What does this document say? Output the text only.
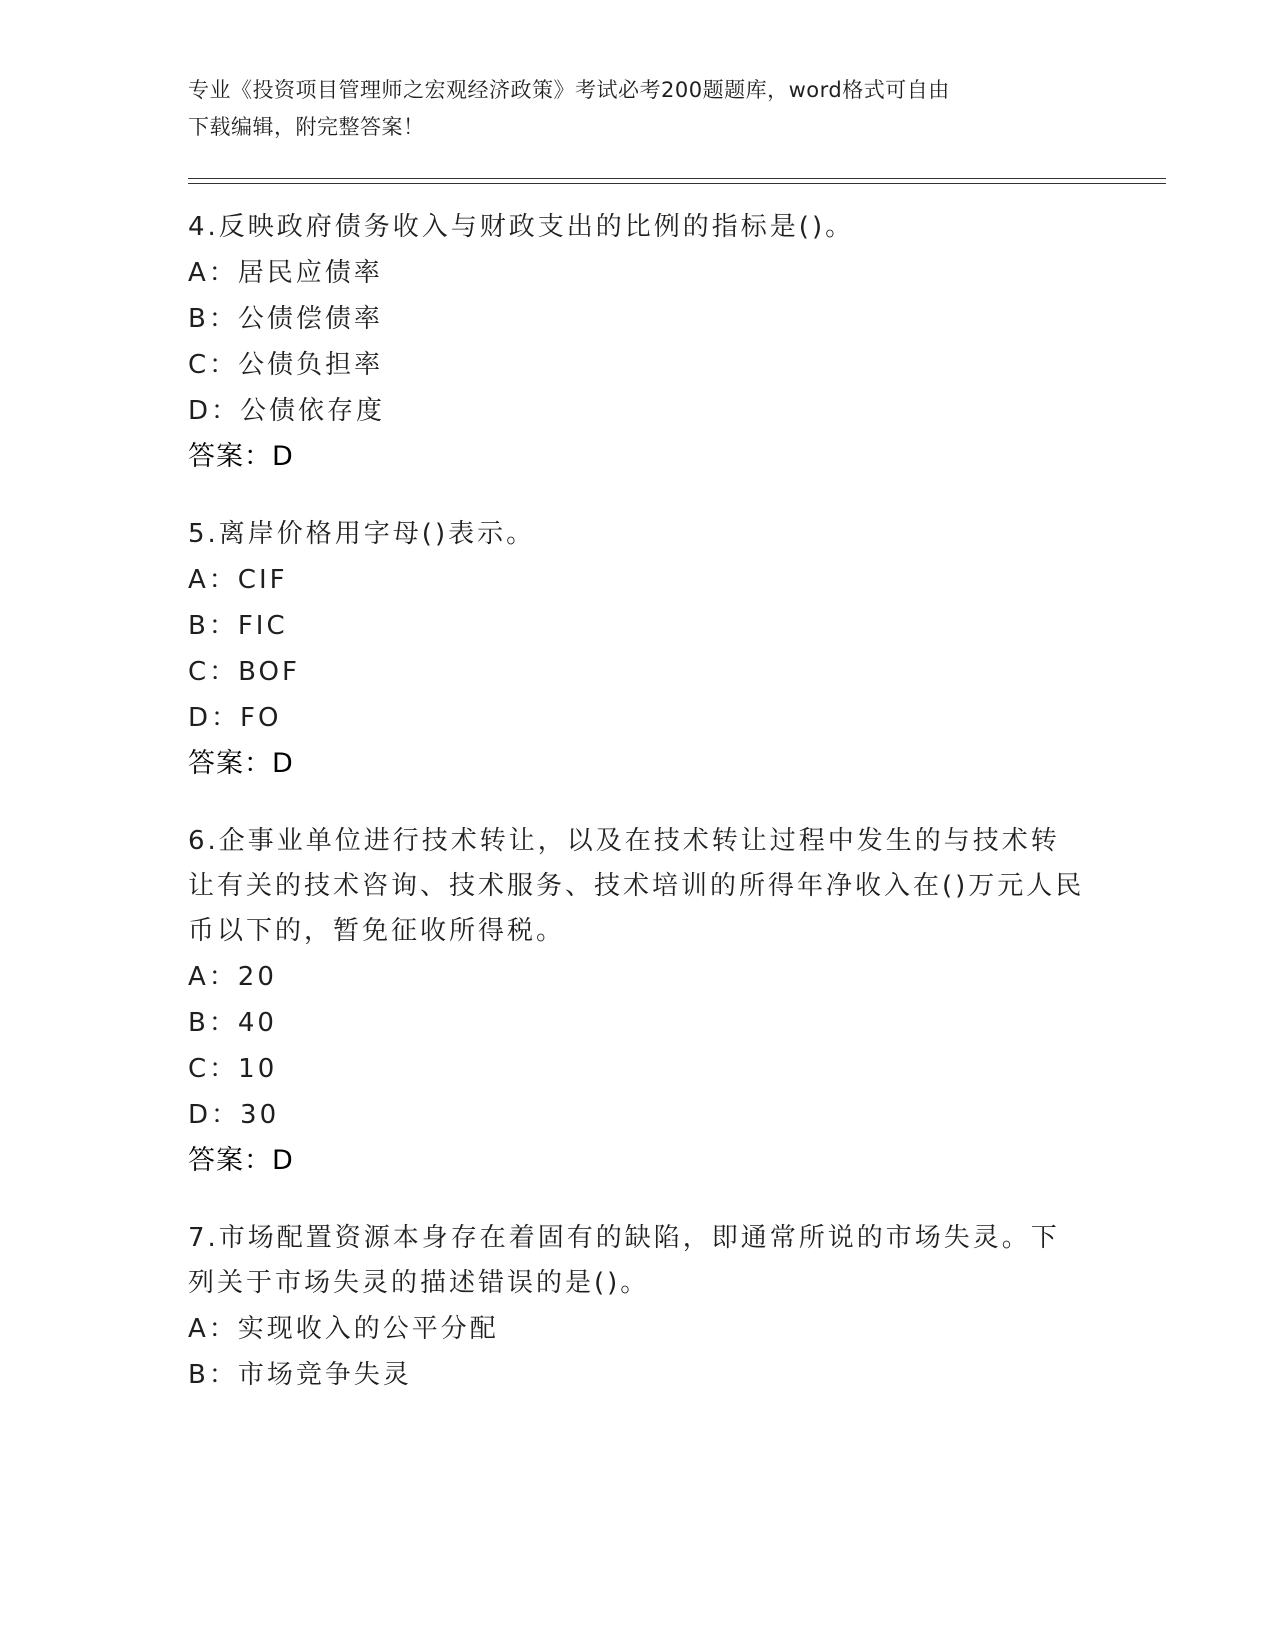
专业《投资项目管理师之宏观经济政策》考试必考200题题库，word格式可自由
下载编辑，附完整答案！
4.反映政府债务收入与财政支出的比例的指标是()。
A：居民应债率
B：公债偿债率
C：公债负担率
D：公债依存度
答案：D
5.离岸价格用字母()表示。
A：CIF
B：FIC
C：BOF
D：FO
答案：D
6.企事业单位进行技术转让，以及在技术转让过程中发生的与技术转让有关的技术咨询、技术服务、技术培训的所得年净收入在()万元人民币以下的，暂免征收所得税。
A：20
B：40
C：10
D：30
答案：D
7.市场配置资源本身存在着固有的缺陷，即通常所说的市场失灵。下列关于市场失灵的描述错误的是()。
A：实现收入的公平分配
B：市场竞争失灵
